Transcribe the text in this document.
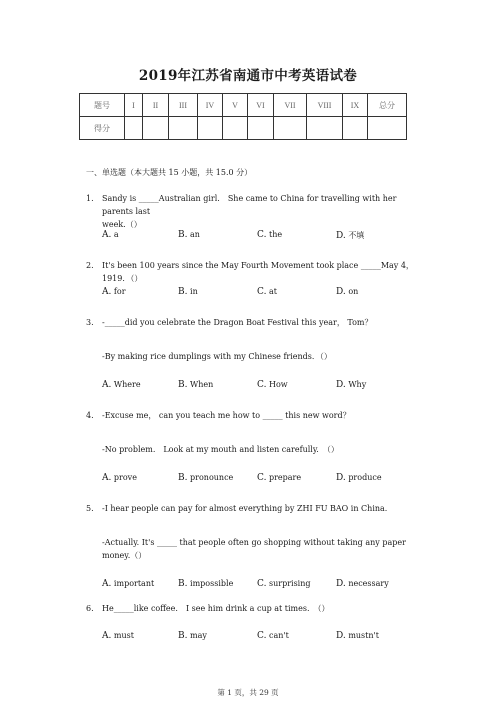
2019年江苏省南通市中考英语试卷
题号	I	II	III	IV	V	VI	VII	VIII	IX	总分
得分										
一、单选题（本大题共 15 小题，共 15.0 分）
1.	Sandy is _____Australian girl.　She came to China for travelling with her parents last
week.（）
A. a	B. an	C. the	D. 不填
2.	It's been 100 years since the May Fourth Movement took place _____May 4，1919．（）
A. for	B. in	C. at	D. on
3.	-_____did you celebrate the Dragon Boat Festival this year， Tom？
-By making rice dumplings with my Chinese friends．（）
A. Where	B. When	C. How	D. Why
4.	-Excuse me， can you teach me how to _____ this new word？
-No problem.　Look at my mouth and listen carefully.　（）
A. prove	B. pronounce	C. prepare	D. produce
5.	-I hear people can pay for almost everything by ZHI FU BAO in China.
-Actually. It's _____ that people often go shopping without taking any paper
money.（）
A. important	B. impossible	C. surprising	D. necessary
6.	He_____like coffee.　I see him drink a cup at times.　（）
A. must	B. may	C. can't	D. mustn't
第 1 页，共 29 页
